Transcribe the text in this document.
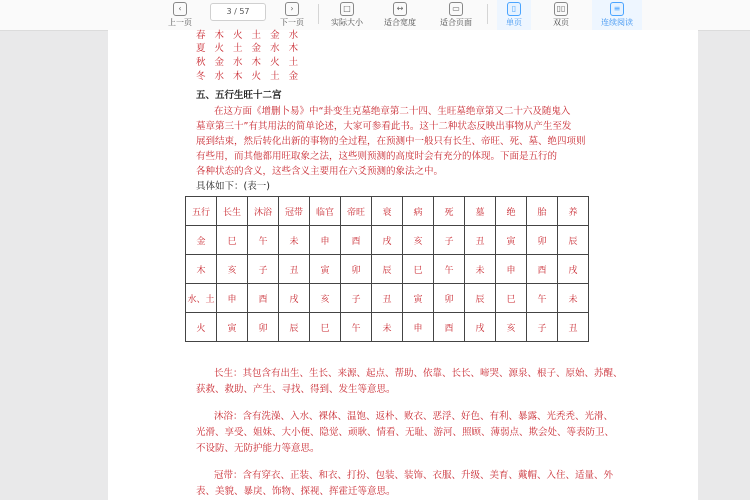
‹
上一页
3 / 57	›
下一页
□
实际大小
↔
适合宽度
▭
适合页面
▯
单页
▯▯
双页
≡
连续阅读
春 木 火 土 金 水
夏 火 土 金 水 木
秋 金 水 木 火 土
冬 水 木 火 土 金
五、五行生旺十二宫
在这方面《增删卜易》中“卦变生克墓绝章第二十四、生旺墓绝章第又二十六及随鬼入
墓章第三十”有其用法的简单论述，大家可参看此书。这十二种状态反映出事物从产生至发
展到结束，然后转化出新的事物的全过程，在预测中一般只有长生、帝旺、死、墓、绝四项则
有些用，而其他都用旺取象之法，这些则预测的高度时会有充分的体现。下面是五行的
各种状态的含义，这些含义主要用在六爻预测的象法之中。
具体如下：(表一)
五行	长生	沐浴	冠带	临官	帝旺	衰	病	死	墓	绝	胎	养
金	巳	午	未	申	酉	戌	亥	子	丑	寅	卯	辰
木	亥	子	丑	寅	卯	辰	巳	午	未	申	酉	戌
水、土	申	酉	戌	亥	子	丑	寅	卯	辰	巳	午	未
火	寅	卯	辰	巳	午	未	申	酉	戌	亥	子	丑
长生：其包含有出生、生长、来源、起点、帮助、依靠、长长、啼哭、源泉、根子、原始、苏醒、
获救、救助、产生、寻找、得到、发生等意思。
沐浴：含有洗澡、入水、裸体、温饱、返朴、败衣、恶浮、好色、有利、暴露、光秃秃、光滑、
光滑、享受、姐妹、大小便、隐觉、顽耿、情看、无耻、游河、照顾、薄弱点、欺会处、等表防卫、
不设防、无防护能力等意思。
冠带：含有穿衣、正装、和衣、打扮、包装、装饰、衣服、升级、美育、戴帽、入住、适量、外
表、美貌、暴戾、饰物、探视、挥霍迁等意思。
